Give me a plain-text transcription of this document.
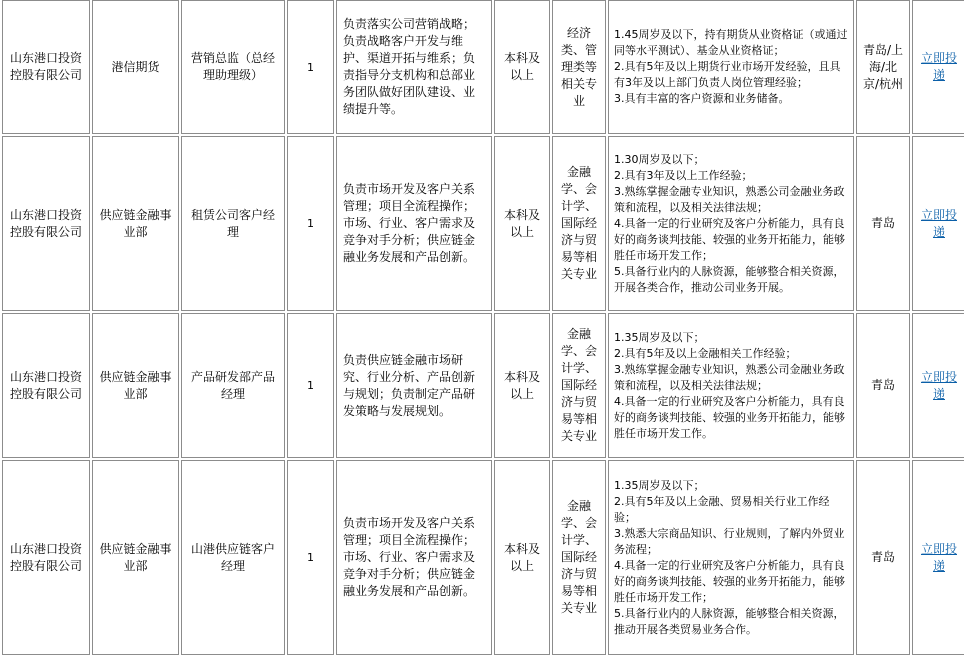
山东港口投资控股有限公司	港信期货	营销总监（总经理助理级）	1	负责落实公司营销战略；负责战略客户开发与维护、渠道开拓与维系；负责指导分支机构和总部业务团队做好团队建设、业绩提升等。	本科及以上	经济类、管理类等相关专业	1.45周岁及以下，持有期货从业资格证（或通过同等水平测试）、基金从业资格证；
2.具有5年及以上期货行业市场开发经验，且具有3年及以上部门负责人岗位管理经验；
3.具有丰富的客户资源和业务储备。	青岛/上海/北京/杭州	立即投递
山东港口投资控股有限公司	供应链金融事业部	租赁公司客户经理	1	负责市场开发及客户关系管理；项目全流程操作；市场、行业、客户需求及竞争对手分析；供应链金融业务发展和产品创新。	本科及以上	金融学、会计学、国际经济与贸易等相关专业	1.30周岁及以下；
2.具有3年及以上工作经验；
3.熟练掌握金融专业知识，熟悉公司金融业务政策和流程，以及相关法律法规；
4.具备一定的行业研究及客户分析能力，具有良好的商务谈判技能、较强的业务开拓能力，能够胜任市场开发工作；
5.具备行业内的人脉资源，能够整合相关资源，开展各类合作，推动公司业务开展。	青岛	立即投递
山东港口投资控股有限公司	供应链金融事业部	产品研发部产品经理	1	负责供应链金融市场研究、行业分析、产品创新与规划；负责制定产品研发策略与发展规划。	本科及以上	金融学、会计学、国际经济与贸易等相关专业	1.35周岁及以下；
2.具有5年及以上金融相关工作经验；
3.熟练掌握金融专业知识，熟悉公司金融业务政策和流程，以及相关法律法规；
4.具备一定的行业研究及客户分析能力，具有良好的商务谈判技能、较强的业务开拓能力，能够胜任市场开发工作。	青岛	立即投递
山东港口投资控股有限公司	供应链金融事业部	山港供应链客户经理	1	负责市场开发及客户关系管理；项目全流程操作；市场、行业、客户需求及竞争对手分析；供应链金融业务发展和产品创新。	本科及以上	金融学、会计学、国际经济与贸易等相关专业	1.35周岁及以下；
2.具有5年及以上金融、贸易相关行业工作经验；
3.熟悉大宗商品知识、行业规则，了解内外贸业务流程；
4.具备一定的行业研究及客户分析能力，具有良好的商务谈判技能、较强的业务开拓能力，能够胜任市场开发工作；
5.具备行业内的人脉资源，能够整合相关资源，推动开展各类贸易业务合作。	青岛	立即投递
